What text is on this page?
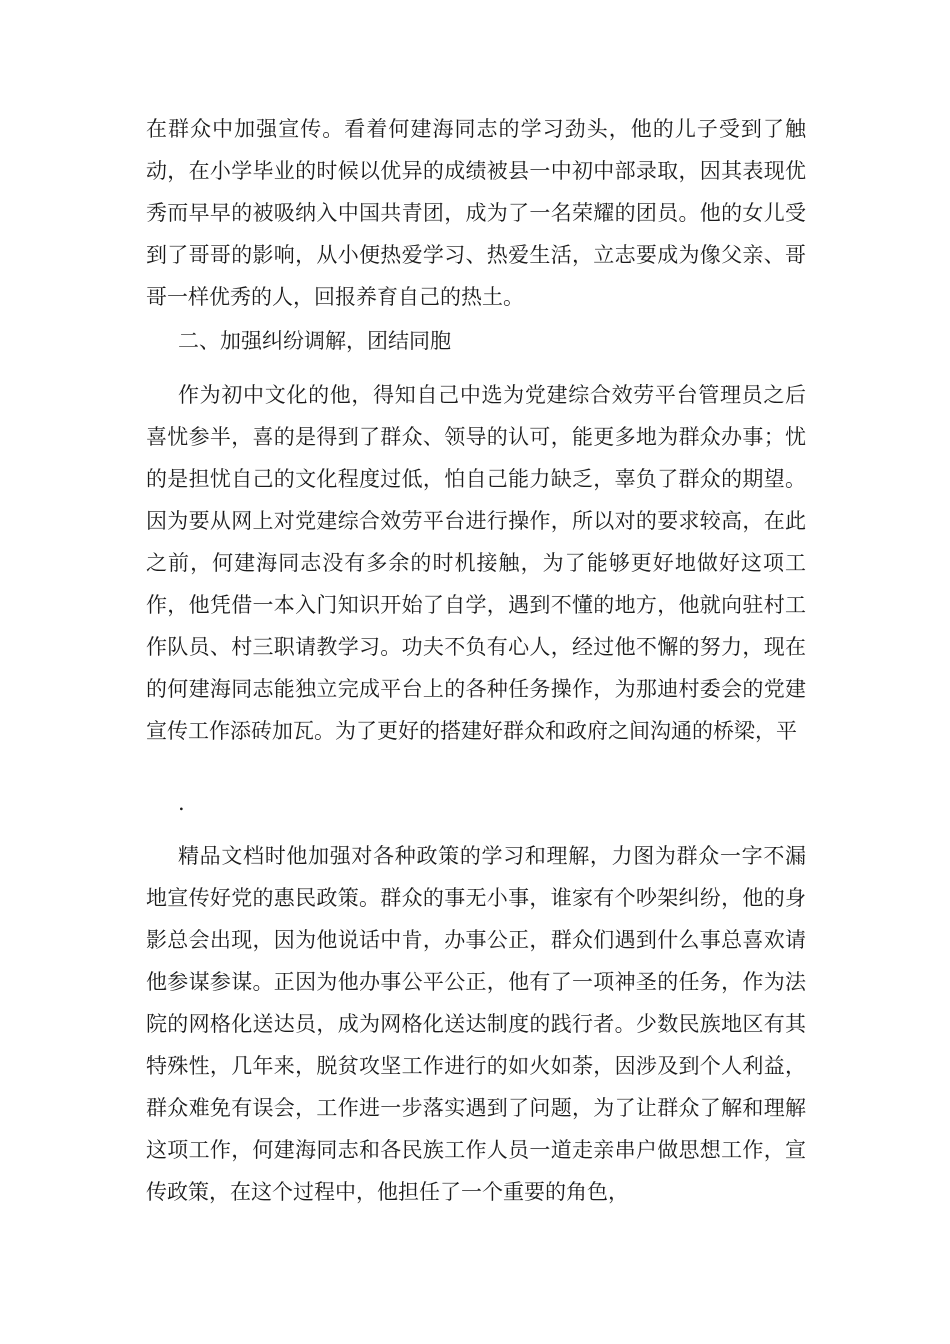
在群众中加强宣传。看着何建海同志的学习劲头，他的儿子受到了触动，在小学毕业的时候以优异的成绩被县一中初中部录取，因其表现优秀而早早的被吸纳入中国共青团，成为了一名荣耀的团员。他的女儿受到了哥哥的影响，从小便热爱学习、热爱生活，立志要成为像父亲、哥哥一样优秀的人，回报养育自己的热土。

二、加强纠纷调解，团结同胞

作为初中文化的他，得知自己中选为党建综合效劳平台管理员之后喜忧参半，喜的是得到了群众、领导的认可，能更多地为群众办事；忧的是担忧自己的文化程度过低，怕自己能力缺乏，辜负了群众的期望。因为要从网上对党建综合效劳平台进行操作，所以对的要求较高，在此之前，何建海同志没有多余的时机接触，为了能够更好地做好这项工作，他凭借一本入门知识开始了自学，遇到不懂的地方，他就向驻村工作队员、村三职请教学习。功夫不负有心人，经过他不懈的努力，现在的何建海同志能独立完成平台上的各种任务操作，为那迪村委会的党建宣传工作添砖加瓦。为了更好的搭建好群众和政府之间沟通的桥梁，平

.

精品文档时他加强对各种政策的学习和理解，力图为群众一字不漏地宣传好党的惠民政策。群众的事无小事，谁家有个吵架纠纷，他的身影总会出现，因为他说话中肯，办事公正，群众们遇到什么事总喜欢请他参谋参谋。正因为他办事公平公正，他有了一项神圣的任务，作为法院的网格化送达员，成为网格化送达制度的践行者。少数民族地区有其特殊性，几年来，脱贫攻坚工作进行的如火如荼，因涉及到个人利益，群众难免有误会，工作进一步落实遇到了问题，为了让群众了解和理解这项工作，何建海同志和各民族工作人员一道走亲串户做思想工作，宣传政策，在这个过程中，他担任了一个重要的角色，
